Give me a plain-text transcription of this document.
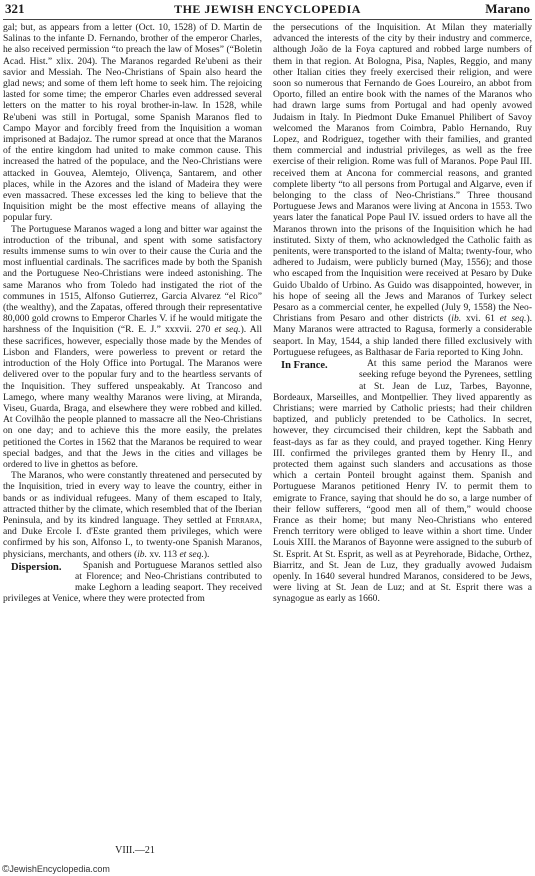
321	THE JEWISH ENCYCLOPEDIA	Marano

gal; but, as appears from a letter (Oct. 10, 1528) of D. Martin de Salinas to the infante D. Fernando, brother of the emperor Charles, he also received permission “to preach the law of Moses” (“Boletin Acad. Hist.” xlix. 204). The Maranos regarded Re'ubeni as their savior and Messiah. The Neo-Christians of Spain also heard the glad news; and some of them left home to seek him. The rejoicing lasted for some time; the emperor Charles even addressed several letters on the matter to his royal brother-in-law. In 1528, while Re'ubeni was still in Portugal, some Spanish Maranos fled to Campo Mayor and forcibly freed from the Inquisition a woman imprisoned at Badajoz. The rumor spread at once that the Maranos of the entire kingdom had united to make common cause. This increased the hatred of the populace, and the Neo-Christians were attacked in Gouvea, Alemtejo, Olivença, Santarem, and other places, while in the Azores and the island of Madeira they were even massacred. These excesses led the king to believe that the Inquisition might be the most effective means of allaying the popular fury.

The Portuguese Maranos waged a long and bitter war against the introduction of the tribunal, and spent with some satisfactory results immense sums to win over to their cause the Curia and the most influential cardinals. The sacrifices made by both the Spanish and the Portuguese Neo-Christians were indeed astonishing. The same Maranos who from Toledo had instigated the riot of the communes in 1515, Alfonso Gutierrez, Garcia Alvarez “el Rico” (the wealthy), and the Zapatas, offered through their representative 80,000 gold crowns to Emperor Charles V. if he would mitigate the harshness of the Inquisition (“R. E. J.” xxxvii. 270 et seq.). All these sacrifices, however, especially those made by the Mendes of Lisbon and Flanders, were powerless to prevent or retard the introduction of the Holy Office into Portugal. The Maranos were delivered over to the popular fury and to the heartless servants of the Inquisition. They suffered unspeakably. At Trancoso and Lamego, where many wealthy Maranos were living, at Miranda, Viseu, Guarda, Braga, and elsewhere they were robbed and killed. At Covilhão the people planned to massacre all the Neo-Christians on one day; and to achieve this the more easily, the prelates petitioned the Cortes in 1562 that the Maranos be required to wear special badges, and that the Jews in the cities and villages be ordered to live in ghettos as before.

The Maranos, who were constantly threatened and persecuted by the Inquisition, tried in every way to leave the country, either in bands or as individual refugees. Many of them escaped to Italy, attracted thither by the climate, which resembled that of the Iberian Peninsula, and by its kindred language. They settled at Ferrara, and Duke Ercole I. d'Este granted them privileges, which were confirmed by his son, Alfonso I., to twenty-one Spanish Maranos, physicians, merchants, and others (ib. xv. 113 et seq.).

Dispersion.	Spanish and Portuguese Maranos settled also at Florence; and Neo-Christians contributed to make Leghorn a leading seaport. They received privileges at Venice, where they were protected from

the persecutions of the Inquisition. At Milan they materially advanced the interests of the city by their industry and commerce, although João de la Foya captured and robbed large numbers of them in that region. At Bologna, Pisa, Naples, Reggio, and many other Italian cities they freely exercised their religion, and were soon so numerous that Fernando de Goes Loureiro, an abbot from Oporto, filled an entire book with the names of the Maranos who had drawn large sums from Portugal and had openly avowed Judaism in Italy. In Piedmont Duke Emanuel Philibert of Savoy welcomed the Maranos from Coimbra, Pablo Hernando, Ruy Lopez, and Rodriguez, together with their families, and granted them commercial and industrial privileges, as well as the free exercise of their religion. Rome was full of Maranos. Pope Paul III. received them at Ancona for commercial reasons, and granted complete liberty “to all persons from Portugal and Algarve, even if belonging to the class of Neo-Christians.” Three thousand Portuguese Jews and Maranos were living at Ancona in 1553. Two years later the fanatical Pope Paul IV. issued orders to have all the Maranos thrown into the prisons of the Inquisition which he had instituted. Sixty of them, who acknowledged the Catholic faith as penitents, were transported to the island of Malta; twenty-four, who adhered to Judaism, were publicly burned (May, 1556); and those who escaped from the Inquisition were received at Pesaro by Duke Guido Ubaldo of Urbino. As Guido was disappointed, however, in his hope of seeing all the Jews and Maranos of Turkey select Pesaro as a commercial center, he expelled (July 9, 1558) the Neo-Christians from Pesaro and other districts (ib. xvi. 61 et seq.). Many Maranos were attracted to Ragusa, formerly a considerable seaport. In May, 1544, a ship landed there filled exclusively with Portuguese refugees, as Balthasar de Faria reported to King John.

In France.	At this same period the Maranos were seeking refuge beyond the Pyrenees, settling at St. Jean de Luz, Tarbes, Bayonne, Bordeaux, Marseilles, and Montpellier. They lived apparently as Christians; were married by Catholic priests; had their children baptized, and publicly pretended to be Catholics. In secret, however, they circumcised their children, kept the Sabbath and feast-days as far as they could, and prayed together. King Henry III. confirmed the privileges granted them by Henry II., and protected them against such slanders and accusations as those which a certain Ponteil brought against them. Spanish and Portuguese Maranos petitioned Henry IV. to permit them to emigrate to France, saying that should he do so, a large number of their fellow sufferers, “good men all of them,” would choose France as their home; but many Neo-Christians who entered French territory were obliged to leave within a short time. Under Louis XIII. the Maranos of Bayonne were assigned to the suburb of St. Esprit. At St. Esprit, as well as at Peyrehorade, Bidache, Orthez, Biarritz, and St. Jean de Luz, they gradually avowed Judaism openly. In 1640 several hundred Maranos, considered to be Jews, were living at St. Jean de Luz; and at St. Esprit there was a synagogue as early as 1660.

VIII.—21
©JewishEncyclopedia.com
